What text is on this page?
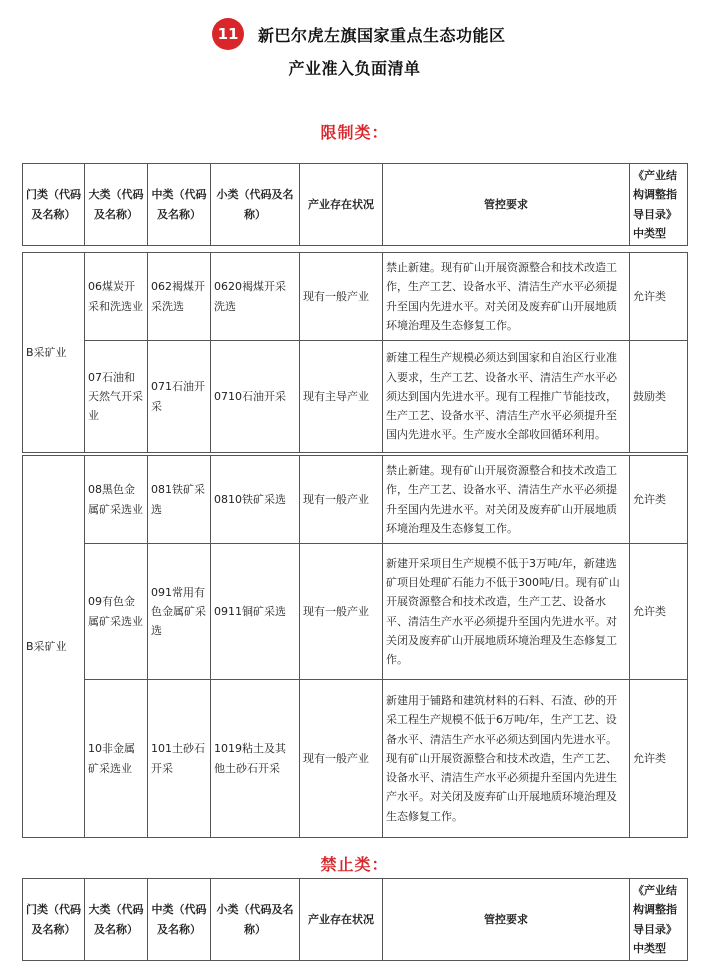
11	新巴尔虎左旗国家重点生态功能区
产业准入负面清单
限制类：
门类（代码及名称）	大类（代码及名称）	中类（代码及名称）	小类（代码及名称）	产业存在状况	管控要求	《产业结构调整指导目录》中类型

B采矿业	06煤炭开采和洗选业	062褐煤开采洗选	0620褐煤开采洗选	现有一般产业	禁止新建。现有矿山开展资源整合和技术改造工作，生产工艺、设备水平、清洁生产水平必须提升至国内先进水平。对关闭及废弃矿山开展地质环境治理及生态修复工作。	允许类
	07石油和天然气开采业	071石油开采	0710石油开采	现有主导产业	新建工程生产规模必须达到国家和自治区行业准入要求，生产工艺、设备水平、清洁生产水平必须达到国内先进水平。现有工程推广节能技改，生产工艺、设备水平、清洁生产水平必须提升至国内先进水平。生产废水全部收回循环利用。	鼓励类
B采矿业	08黑色金属矿采选业	081铁矿采选	0810铁矿采选	现有一般产业	禁止新建。现有矿山开展资源整合和技术改造工作，生产工艺、设备水平、清洁生产水平必须提升至国内先进水平。对关闭及废弃矿山开展地质环境治理及生态修复工作。	允许类
	09有色金属矿采选业	091常用有色金属矿采选	0911铜矿采选	现有一般产业	新建开采项目生产规模不低于3万吨/年，新建选矿项目处理矿石能力不低于300吨/日。现有矿山开展资源整合和技术改造，生产工艺、设备水平、清洁生产水平必须提升至国内先进水平。对关闭及废弃矿山开展地质环境治理及生态修复工作。	允许类
	10非金属矿采选业	101土砂石开采	1019粘土及其他土砂石开采	现有一般产业	新建用于铺路和建筑材料的石料、石渣、砂的开采工程生产规模不低于6万吨/年，生产工艺、设备水平、清洁生产水平必须达到国内先进水平。现有矿山开展资源整合和技术改造，生产工艺、设备水平、清洁生产水平必须提升至国内先进生产水平。对关闭及废弃矿山开展地质环境治理及生态修复工作。	允许类
禁止类：
门类（代码及名称）	大类（代码及名称）	中类（代码及名称）	小类（代码及名称）	产业存在状况	管控要求	《产业结构调整指导目录》中类型
